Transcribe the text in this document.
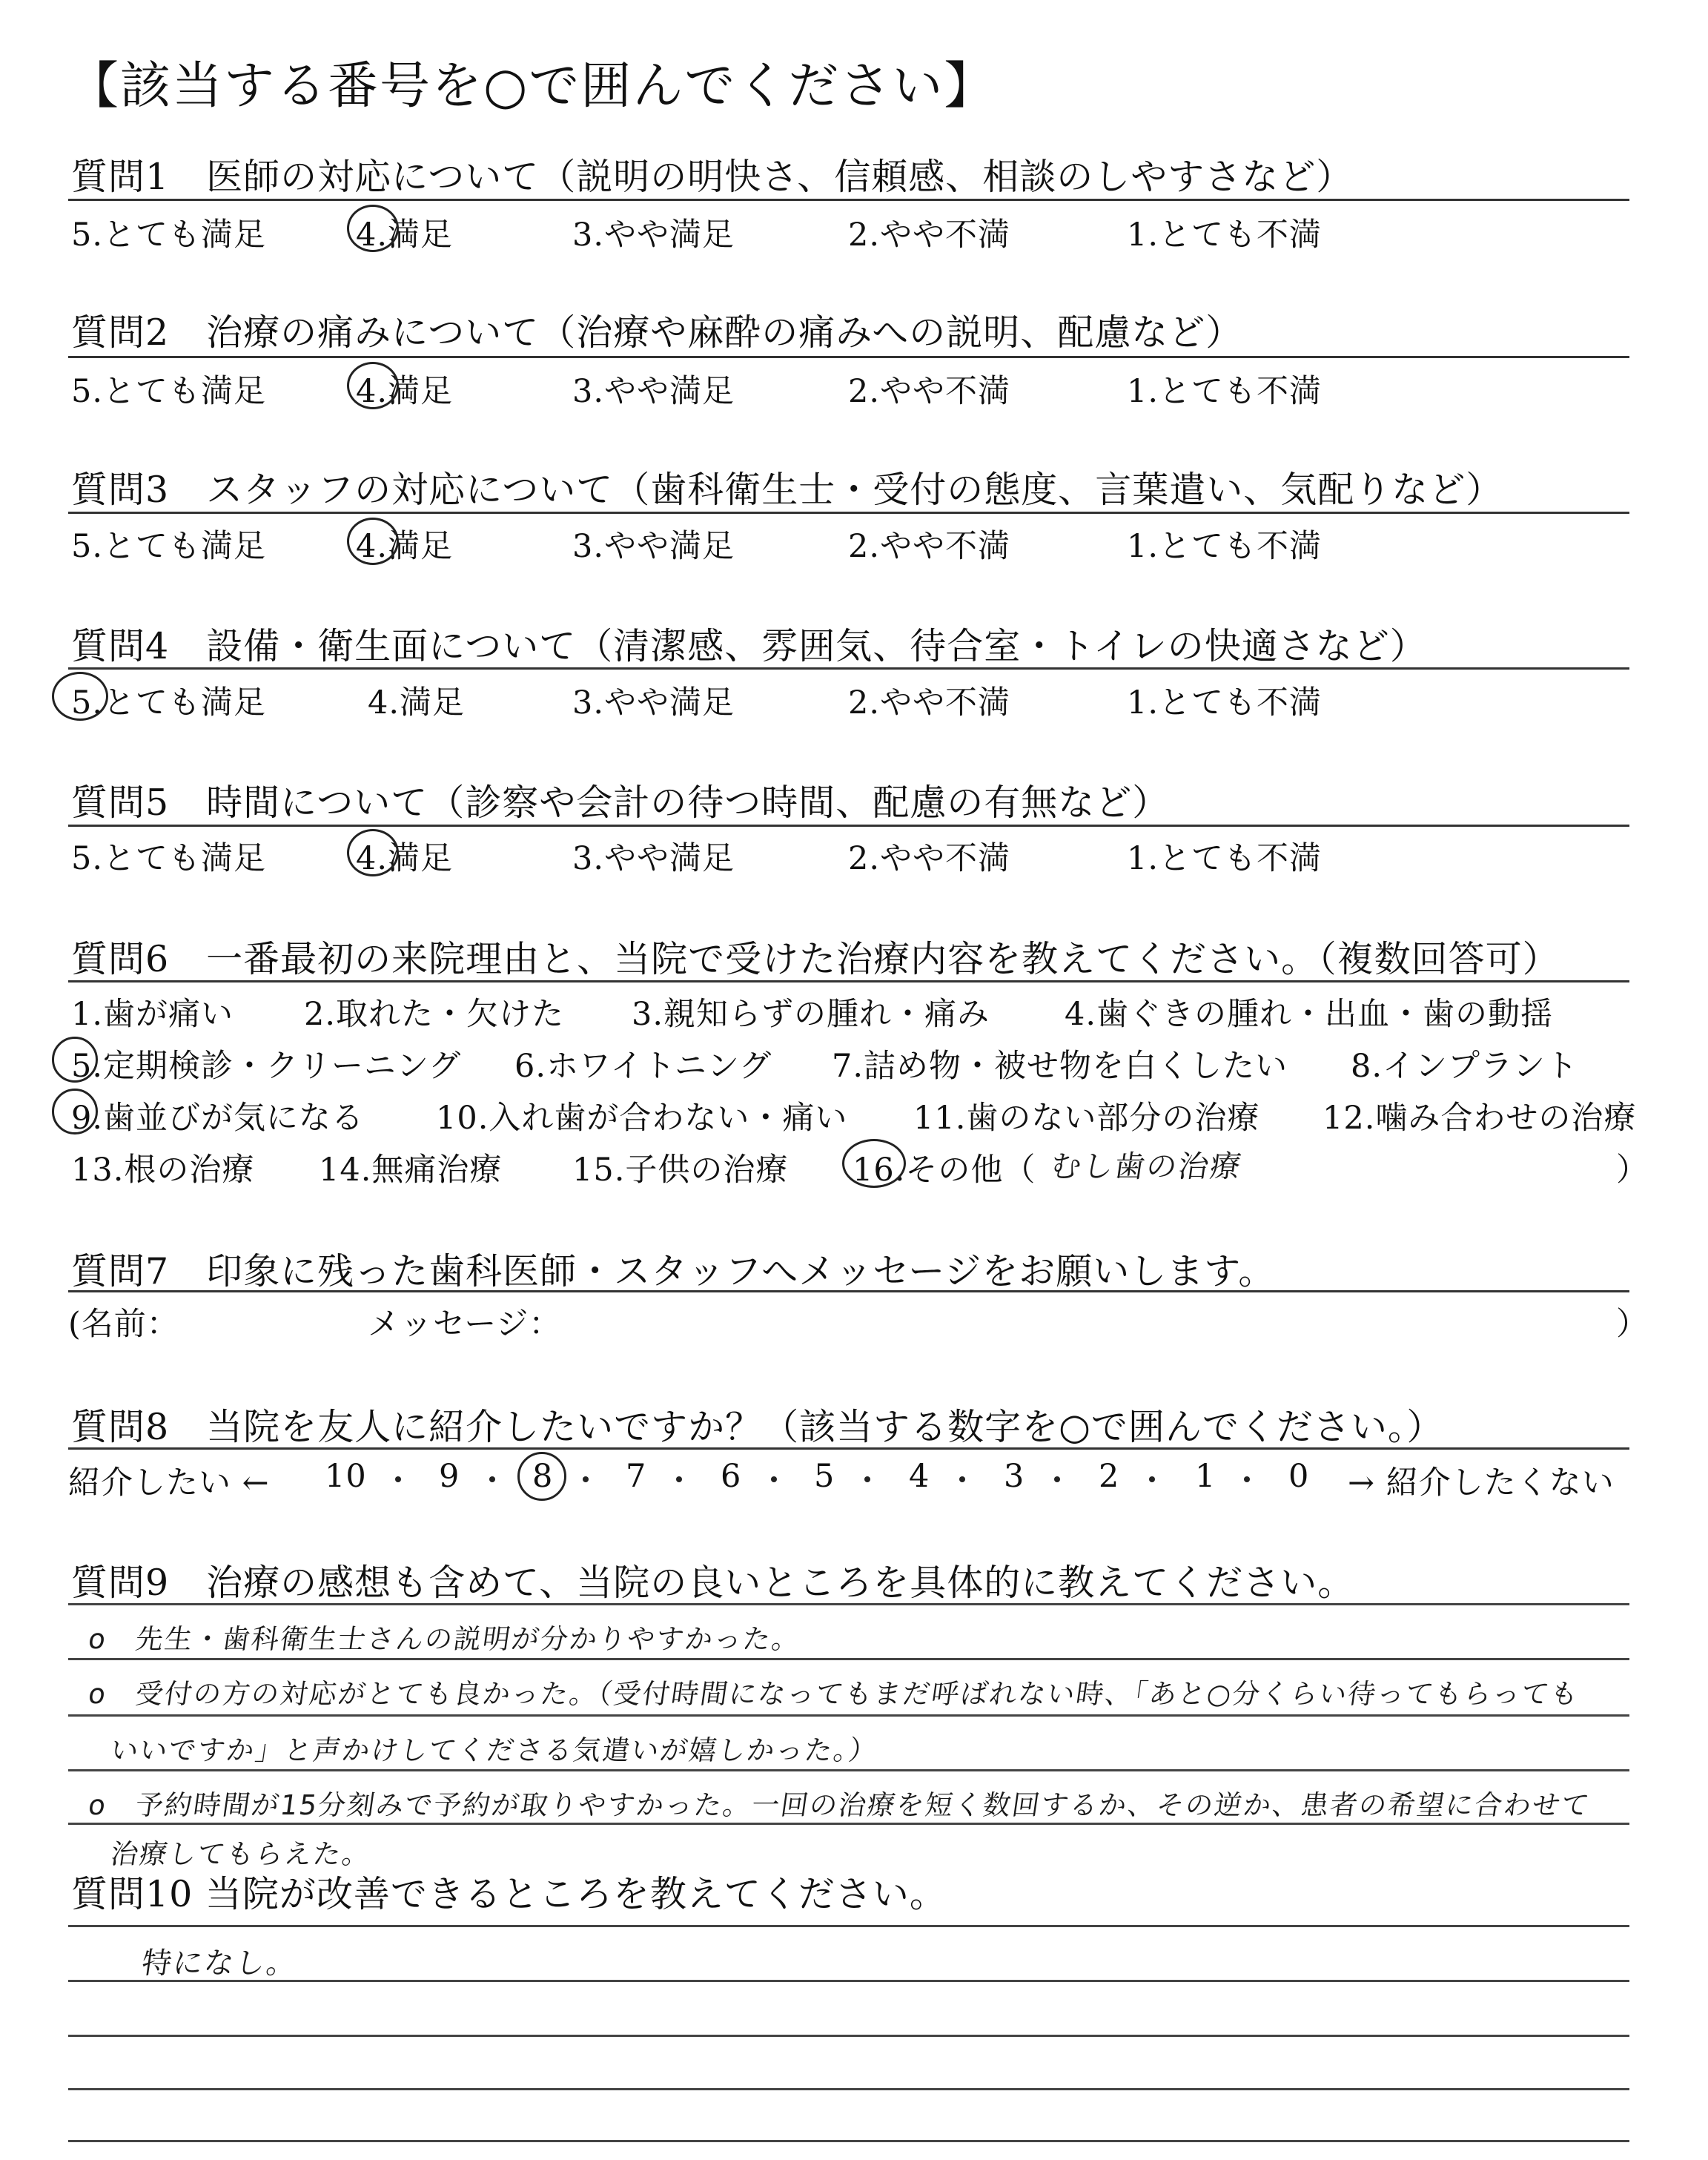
【該当する番号を○で囲んでください】
質問1　医師の対応について（説明の明快さ、信頼感、相談のしやすさなど）
5.とても満足	4.満足	3.やや満足	2.やや不満	1.とても不満
質問2　治療の痛みについて（治療や麻酔の痛みへの説明、配慮など）
5.とても満足	4.満足	3.やや満足	2.やや不満	1.とても不満
質問3　スタッフの対応について（歯科衛生士・受付の態度、言葉遣い、気配りなど）
5.とても満足	4.満足	3.やや満足	2.やや不満	1.とても不満
質問4　設備・衛生面について（清潔感、雰囲気、待合室・トイレの快適さなど）
5.とても満足	4.満足	3.やや満足	2.やや不満	1.とても不満
質問5　時間について（診察や会計の待つ時間、配慮の有無など）
5.とても満足	4.満足	3.やや満足	2.やや不満	1.とても不満
質問6　一番最初の来院理由と、当院で受けた治療内容を教えてください。（複数回答可）
1.歯が痛い 2.取れた・欠けた 3.親知らずの腫れ・痛み 4.歯ぐきの腫れ・出血・歯の動揺
5.定期検診・クリーニング 6.ホワイトニング 7.詰め物・被せ物を白くしたい 8.インプラント
9.歯並びが気になる 10.入れ歯が合わない・痛い 11.歯のない部分の治療 12.噛み合わせの治療
13.根の治療 14.無痛治療 15.子供の治療 16.その他（ むし歯の治療	）
質問7　印象に残った歯科医師・スタッフへメッセージをお願いします。
(名前：	メッセージ：	）
質問8　当院を友人に紹介したいですか？（該当する数字を○で囲んでください。）
紹介したい ← 10 9 8 7 6 5 4 3 2 1 0 → 紹介したくない
質問9　治療の感想も含めて、当院の良いところを具体的に教えてください。
o　先生・歯科衛生士さんの説明が分かりやすかった。
o　受付の方の対応がとても良かった。（受付時間になってもまだ呼ばれない時、「あと○分くらい待ってもらっても
いいですか」と声かけしてくださる気遣いが嬉しかった。）
o　予約時間が15分刻みで予約が取りやすかった。一回の治療を短く数回するか、その逆か、患者の希望に合わせて
治療してもらえた。
質問10 当院が改善できるところを教えてください。
特になし。
